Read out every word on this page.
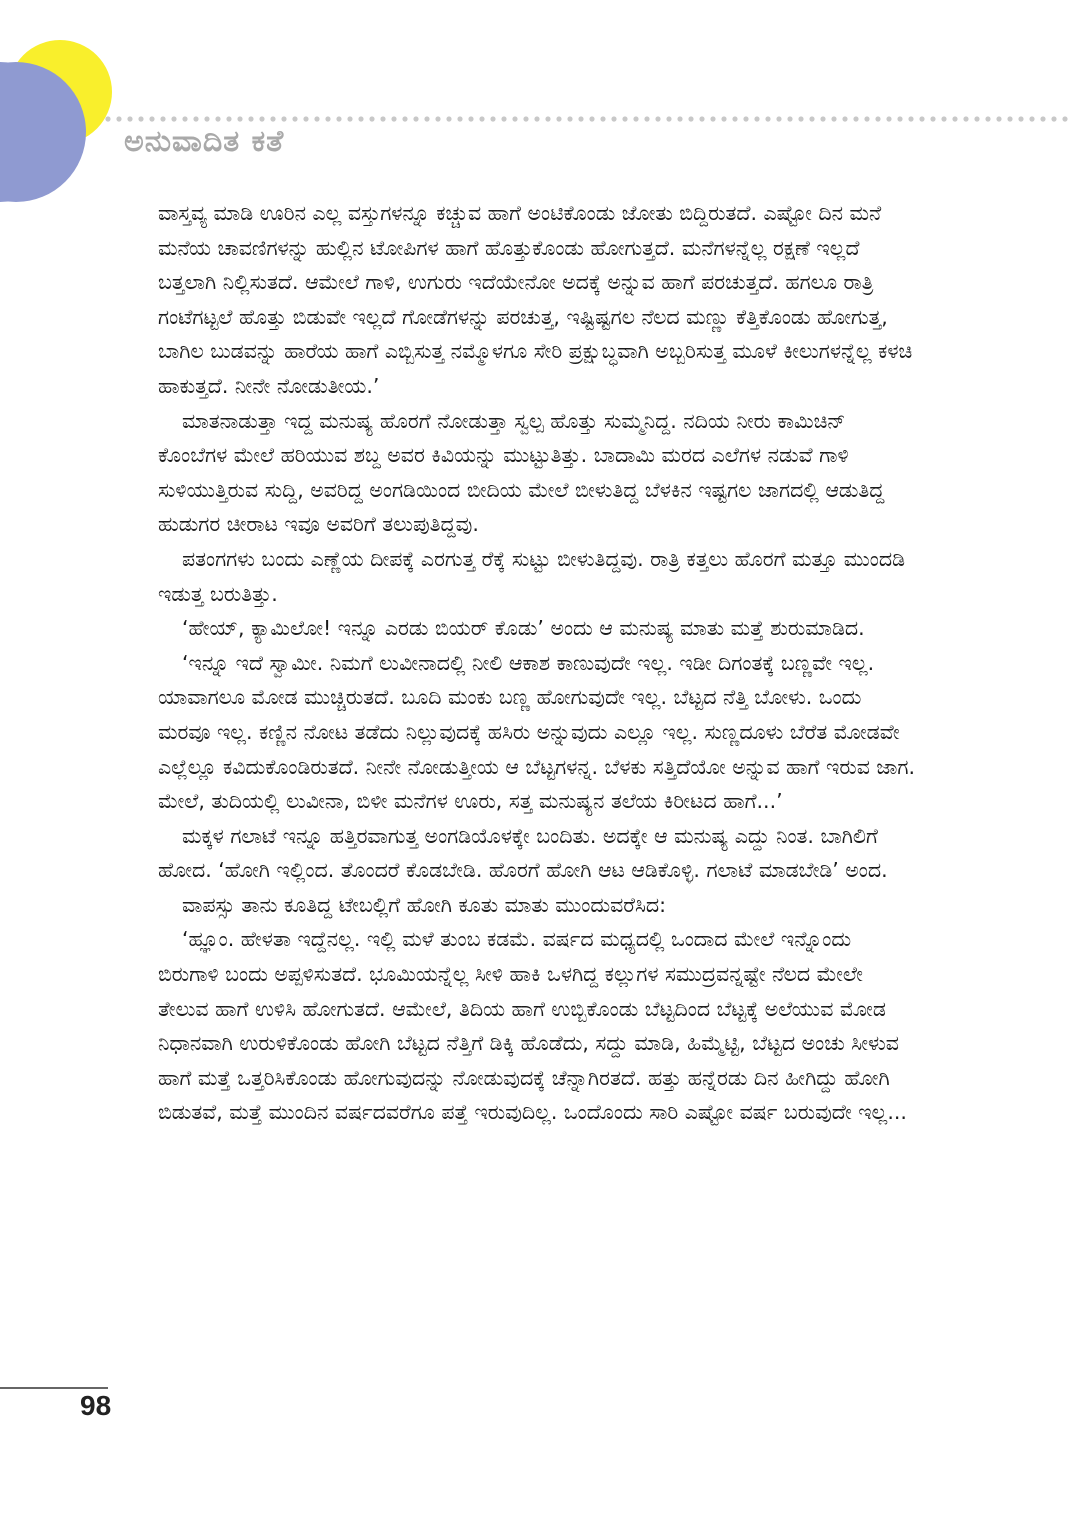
ಅನುವಾದಿತ ಕತೆ

ವಾಸ್ತವ್ಯ ಮಾಡಿ ಊರಿನ ಎಲ್ಲ ವಸ್ತುಗಳನ್ನೂ ಕಚ್ಚುವ ಹಾಗೆ ಅಂಟಿಕೊಂಡು ಜೋತು ಬಿದ್ದಿರುತದೆ. ಎಷ್ಟೋ ದಿನ ಮನೆ ಮನೆಯ ಚಾವಣಿಗಳನ್ನು ಹುಲ್ಲಿನ ಟೋಪಿಗಳ ಹಾಗೆ ಹೊತ್ತುಕೊಂಡು ಹೋಗುತ್ತದೆ. ಮನೆಗಳನ್ನೆಲ್ಲ ರಕ್ಷಣೆ ಇಲ್ಲದೆ ಬತ್ತಲಾಗಿ ನಿಲ್ಲಿಸುತದೆ. ಆಮೇಲೆ ಗಾಳಿ, ಉಗುರು ಇದೆಯೇನೋ ಅದಕ್ಕೆ ಅನ್ನುವ ಹಾಗೆ ಪರಚುತ್ತದೆ. ಹಗಲೂ ರಾತ್ರಿ ಗಂಟೆಗಟ್ಟಲೆ ಹೊತ್ತು ಬಿಡುವೇ ಇಲ್ಲದೆ ಗೋಡೆಗಳನ್ನು ಪರಚುತ್ತ, ಇಷ್ಟಿಷ್ಟಗಲ ನೆಲದ ಮಣ್ಣು ಕೆತ್ತಿಕೊಂಡು ಹೋಗುತ್ತ, ಬಾಗಿಲ ಬುಡವನ್ನು ಹಾರೆಯ ಹಾಗೆ ಎಬ್ಬಿಸುತ್ತ ನಮ್ಮೊಳಗೂ ಸೇರಿ ಪ್ರಕ್ಷುಬ್ಧವಾಗಿ ಅಬ್ಬರಿಸುತ್ತ ಮೂಳೆ ಕೀಲುಗಳನ್ನೆಲ್ಲ ಕಳಚಿ ಹಾಕುತ್ತದೆ. ನೀನೇ ನೋಡುತೀಯ.’

ಮಾತನಾಡುತ್ತಾ ಇದ್ದ ಮನುಷ್ಯ ಹೊರಗೆ ನೋಡುತ್ತಾ ಸ್ವಲ್ಪ ಹೊತ್ತು ಸುಮ್ಮನಿದ್ದ. ನದಿಯ ನೀರು ಕಾಮಿಚಿನ್ ಕೊಂಬೆಗಳ ಮೇಲೆ ಹರಿಯುವ ಶಬ್ದ ಅವರ ಕಿವಿಯನ್ನು ಮುಟ್ಟುತಿತ್ತು. ಬಾದಾಮಿ ಮರದ ಎಲೆಗಳ ನಡುವೆ ಗಾಳಿ ಸುಳಿಯುತ್ತಿರುವ ಸುದ್ದಿ, ಅವರಿದ್ದ ಅಂಗಡಿಯಿಂದ ಬೀದಿಯ ಮೇಲೆ ಬೀಳುತಿದ್ದ ಬೆಳಕಿನ ಇಷ್ಟಗಲ ಜಾಗದಲ್ಲಿ ಆಡುತಿದ್ದ ಹುಡುಗರ ಚೀರಾಟ ಇವೂ ಅವರಿಗೆ ತಲುಪುತಿದ್ದವು.

ಪತಂಗಗಳು ಬಂದು ಎಣ್ಣೆಯ ದೀಪಕ್ಕೆ ಎರಗುತ್ತ ರೆಕ್ಕೆ ಸುಟ್ಟು ಬೀಳುತಿದ್ದವು. ರಾತ್ರಿ ಕತ್ತಲು ಹೊರಗೆ ಮತ್ತೂ ಮುಂದಡಿ ಇಡುತ್ತ ಬರುತಿತ್ತು.

‘ಹೇಯ್, ಕ್ಯಾಮಿಲೋ! ಇನ್ನೂ ಎರಡು ಬಿಯರ್ ಕೊಡು’ ಅಂದು ಆ ಮನುಷ್ಯ ಮಾತು ಮತ್ತೆ ಶುರುಮಾಡಿದ.

‘ಇನ್ನೂ ಇದೆ ಸ್ವಾಮೀ. ನಿಮಗೆ ಲುವೀನಾದಲ್ಲಿ ನೀಲಿ ಆಕಾಶ ಕಾಣುವುದೇ ಇಲ್ಲ. ಇಡೀ ದಿಗಂತಕ್ಕೆ ಬಣ್ಣವೇ ಇಲ್ಲ. ಯಾವಾಗಲೂ ಮೋಡ ಮುಚ್ಚಿರುತದೆ. ಬೂದಿ ಮಂಕು ಬಣ್ಣ ಹೋಗುವುದೇ ಇಲ್ಲ. ಬೆಟ್ಟದ ನೆತ್ತಿ ಬೋಳು. ಒಂದು ಮರವೂ ಇಲ್ಲ. ಕಣ್ಣಿನ ನೋಟ ತಡೆದು ನಿಲ್ಲುವುದಕ್ಕೆ ಹಸಿರು ಅನ್ನುವುದು ಎಲ್ಲೂ ಇಲ್ಲ. ಸುಣ್ಣದೂಳು ಬೆರೆತ ಮೋಡವೇ ಎಲ್ಲೆಲ್ಲೂ ಕವಿದುಕೊಂಡಿರುತದೆ. ನೀನೇ ನೋಡುತ್ತೀಯ ಆ ಬೆಟ್ಟಗಳನ್ನ. ಬೆಳಕು ಸತ್ತಿದೆಯೋ ಅನ್ನುವ ಹಾಗೆ ಇರುವ ಜಾಗ. ಮೇಲೆ, ತುದಿಯಲ್ಲಿ ಲುವೀನಾ, ಬಿಳೀ ಮನೆಗಳ ಊರು, ಸತ್ತ ಮನುಷ್ಯನ ತಲೆಯ ಕಿರೀಟದ ಹಾಗೆ...’

ಮಕ್ಕಳ ಗಲಾಟೆ ಇನ್ನೂ ಹತ್ತಿರವಾಗುತ್ತ ಅಂಗಡಿಯೊಳಕ್ಕೇ ಬಂದಿತು. ಅದಕ್ಕೇ ಆ ಮನುಷ್ಯ ಎದ್ದು ನಿಂತ. ಬಾಗಿಲಿಗೆ ಹೋದ. ‘ಹೋಗಿ ಇಲ್ಲಿಂದ. ತೊಂದರೆ ಕೊಡಬೇಡಿ. ಹೊರಗೆ ಹೋಗಿ ಆಟ ಆಡಿಕೊಳ್ಳಿ. ಗಲಾಟೆ ಮಾಡಬೇಡಿ’ ಅಂದ.

ವಾಪಸ್ಸು ತಾನು ಕೂತಿದ್ದ ಟೇಬಲ್ಲಿಗೆ ಹೋಗಿ ಕೂತು ಮಾತು ಮುಂದುವರೆಸಿದ:

‘ಹ್ಞೂಂ. ಹೇಳತಾ ಇದ್ದೆನಲ್ಲ. ಇಲ್ಲಿ ಮಳೆ ತುಂಬ ಕಡಮೆ. ವರ್ಷದ ಮಧ್ಯದಲ್ಲಿ ಒಂದಾದ ಮೇಲೆ ಇನ್ನೊಂದು ಬಿರುಗಾಳಿ ಬಂದು ಅಪ್ಪಳಿಸುತದೆ. ಭೂಮಿಯನ್ನೆಲ್ಲ ಸೀಳಿ ಹಾಕಿ ಒಳಗಿದ್ದ ಕಲ್ಲುಗಳ ಸಮುದ್ರವನ್ನಷ್ಟೇ ನೆಲದ ಮೇಲೇ ತೇಲುವ ಹಾಗೆ ಉಳಿಸಿ ಹೋಗುತದೆ. ಆಮೇಲೆ, ತಿದಿಯ ಹಾಗೆ ಉಬ್ಬಿಕೊಂಡು ಬೆಟ್ಟದಿಂದ ಬೆಟ್ಟಕ್ಕೆ ಅಲೆಯುವ ಮೋಡ ನಿಧಾನವಾಗಿ ಉರುಳಿಕೊಂಡು ಹೋಗಿ ಬೆಟ್ಟದ ನೆತ್ತಿಗೆ ಡಿಕ್ಕಿ ಹೊಡೆದು, ಸದ್ದು ಮಾಡಿ, ಹಿಮ್ಮೆಟ್ಟಿ, ಬೆಟ್ಟದ ಅಂಚು ಸೀಳುವ ಹಾಗೆ ಮತ್ತೆ ಒತ್ತರಿಸಿಕೊಂಡು ಹೋಗುವುದನ್ನು ನೋಡುವುದಕ್ಕೆ ಚೆನ್ನಾಗಿರತದೆ. ಹತ್ತು ಹನ್ನೆರಡು ದಿನ ಹೀಗಿದ್ದು ಹೋಗಿ ಬಿಡುತವೆ, ಮತ್ತೆ ಮುಂದಿನ ವರ್ಷದವರೆಗೂ ಪತ್ತೆ ಇರುವುದಿಲ್ಲ. ಒಂದೊಂದು ಸಾರಿ ಎಷ್ಟೋ ವರ್ಷ ಬರುವುದೇ ಇಲ್ಲ...

98
